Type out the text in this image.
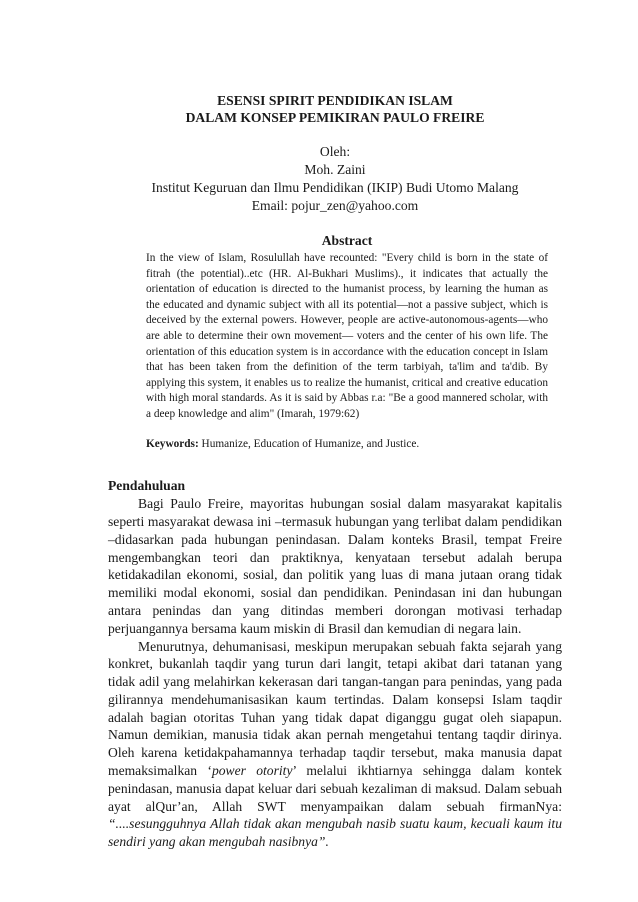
ESENSI SPIRIT PENDIDIKAN ISLAM
DALAM KONSEP PEMIKIRAN PAULO FREIRE
Oleh:
Moh. Zaini
Institut Keguruan dan Ilmu Pendidikan (IKIP) Budi Utomo Malang
Email: pojur_zen@yahoo.com
Abstract

In the view of Islam, Rosulullah have recounted: "Every child is born in the state of fitrah (the potential)..etc (HR. Al-Bukhari Muslims)., it indicates that actually the orientation of education is directed to the humanist process, by learning the human as the educated and dynamic subject with all its potential—not a passive subject, which is deceived by the external powers. However, people are active-autonomous-agents—who are able to determine their own movement— voters and the center of his own life. The orientation of this education system is in accordance with the education concept in Islam that has been taken from the definition of the term tarbiyah, ta'lim and ta'dib. By applying this system, it enables us to realize the humanist, critical and creative education with high moral standards. As it is said by Abbas r.a: "Be a good mannered scholar, with a deep knowledge and alim" (Imarah, 1979:62)

Keywords: Humanize, Education of Humanize, and Justice.
Pendahuluan

Bagi Paulo Freire, mayoritas hubungan sosial dalam masyarakat kapitalis seperti masyarakat dewasa ini –termasuk hubungan yang terlibat dalam pendidikan –didasarkan pada hubungan penindasan. Dalam konteks Brasil, tempat Freire mengembangkan teori dan praktiknya, kenyataan tersebut adalah berupa ketidakadilan ekonomi, sosial, dan politik yang luas di mana jutaan orang tidak memiliki modal ekonomi, sosial dan pendidikan. Penindasan ini dan hubungan antara penindas dan yang ditindas memberi dorongan motivasi terhadap perjuangannya bersama kaum miskin di Brasil dan kemudian di negara lain.

Menurutnya, dehumanisasi, meskipun merupakan sebuah fakta sejarah yang konkret, bukanlah taqdir yang turun dari langit, tetapi akibat dari tatanan yang tidak adil yang melahirkan kekerasan dari tangan-tangan para penindas, yang pada gilirannya mendehumanisasikan kaum tertindas. Dalam konsepsi Islam taqdir adalah bagian otoritas Tuhan yang tidak dapat diganggu gugat oleh siapapun. Namun demikian, manusia tidak akan pernah mengetahui tentang taqdir dirinya. Oleh karena ketidakpahamannya terhadap taqdir tersebut, maka manusia dapat memaksimalkan ‘power otority’ melalui ikhtiarnya sehingga dalam kontek penindasan, manusia dapat keluar dari sebuah kezaliman di maksud. Dalam sebuah ayat alQur’an, Allah SWT menyampaikan dalam sebuah firmanNya: “....sesungguhnya Allah tidak akan mengubah nasib suatu kaum, kecuali kaum itu sendiri yang akan mengubah nasibnya”.
